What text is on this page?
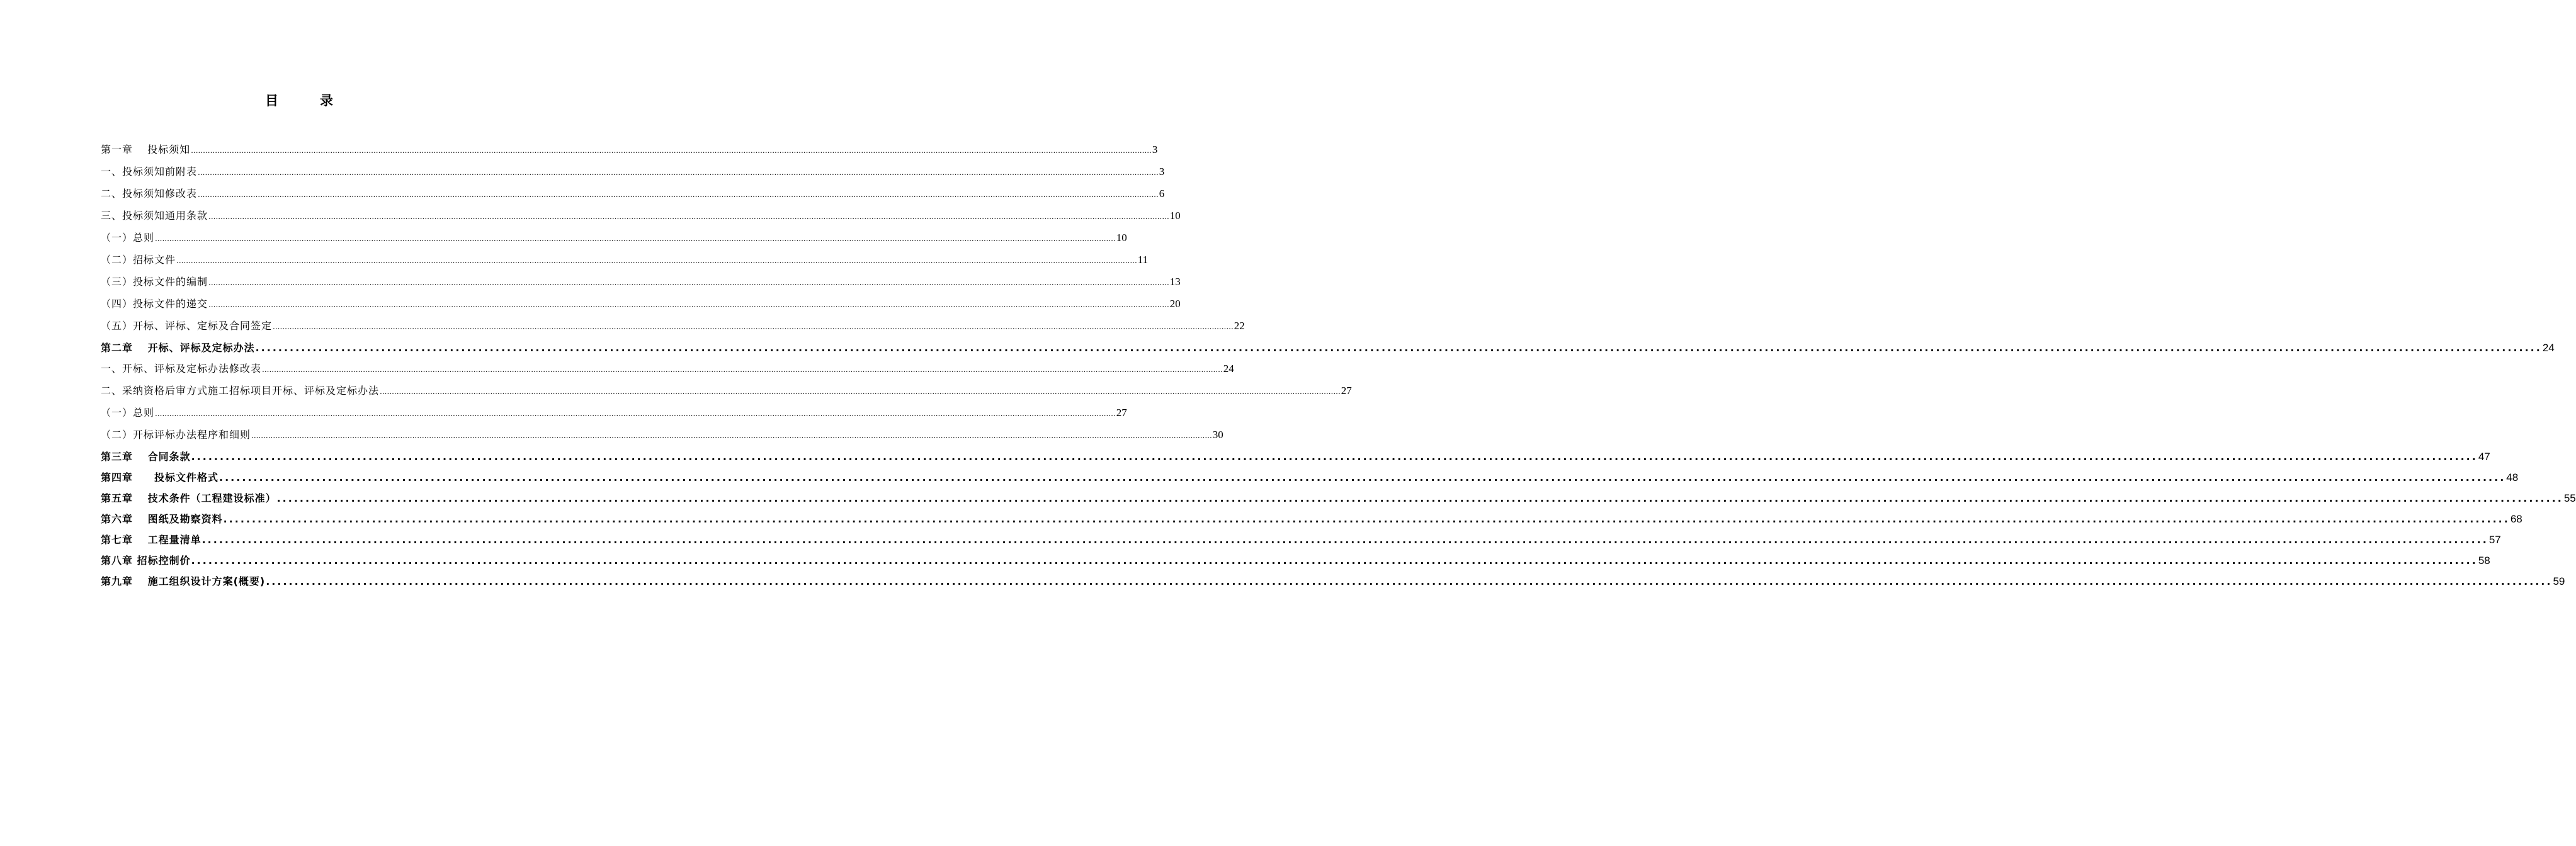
目	录
第一章　 投标须知 ................................................................................................................................................................................................................................................................................................................................................................................................................ 3
一、投标须知前附表 ................................................................................................................................................................................................................................................................................................................................................................................................................ 3
二、投标须知修改表 ................................................................................................................................................................................................................................................................................................................................................................................................................ 6
三、投标须知通用条款 ................................................................................................................................................................................................................................................................................................................................................................................................................ 10
（一）总则 ................................................................................................................................................................................................................................................................................................................................................................................................................ 10
（二）招标文件 ................................................................................................................................................................................................................................................................................................................................................................................................................ 11
（三）投标文件的编制 ................................................................................................................................................................................................................................................................................................................................................................................................................ 13
（四）投标文件的递交 ................................................................................................................................................................................................................................................................................................................................................................................................................ 20
（五）开标、评标、定标及合同签定 ................................................................................................................................................................................................................................................................................................................................................................................................................ 22
第二章　 开标、评标及定标办法 ................................................................................................................................................................................................................................................................................................................................................................................................................ 24
一、开标、评标及定标办法修改表 ................................................................................................................................................................................................................................................................................................................................................................................................................ 24
二、采纳资格后审方式施工招标项目开标、评标及定标办法 ................................................................................................................................................................................................................................................................................................................................................................................................................ 27
（一）总则 ................................................................................................................................................................................................................................................................................................................................................................................................................ 27
（二）开标评标办法程序和细则 ................................................................................................................................................................................................................................................................................................................................................................................................................ 30
第三章　 合同条款 ................................................................................................................................................................................................................................................................................................................................................................................................................ 47
第四章　　投标文件格式 ................................................................................................................................................................................................................................................................................................................................................................................................................ 48
第五章　 技术条件（工程建设标准） ................................................................................................................................................................................................................................................................................................................................................................................................................ 55
第六章　 图纸及勘察资料 ................................................................................................................................................................................................................................................................................................................................................................................................................ 68
第七章　 工程量清单 ................................................................................................................................................................................................................................................................................................................................................................................................................ 57
第八章 招标控制价 ................................................................................................................................................................................................................................................................................................................................................................................................................ 58
第九章　 施工组织设计方案(概要) ................................................................................................................................................................................................................................................................................................................................................................................................................ 59
